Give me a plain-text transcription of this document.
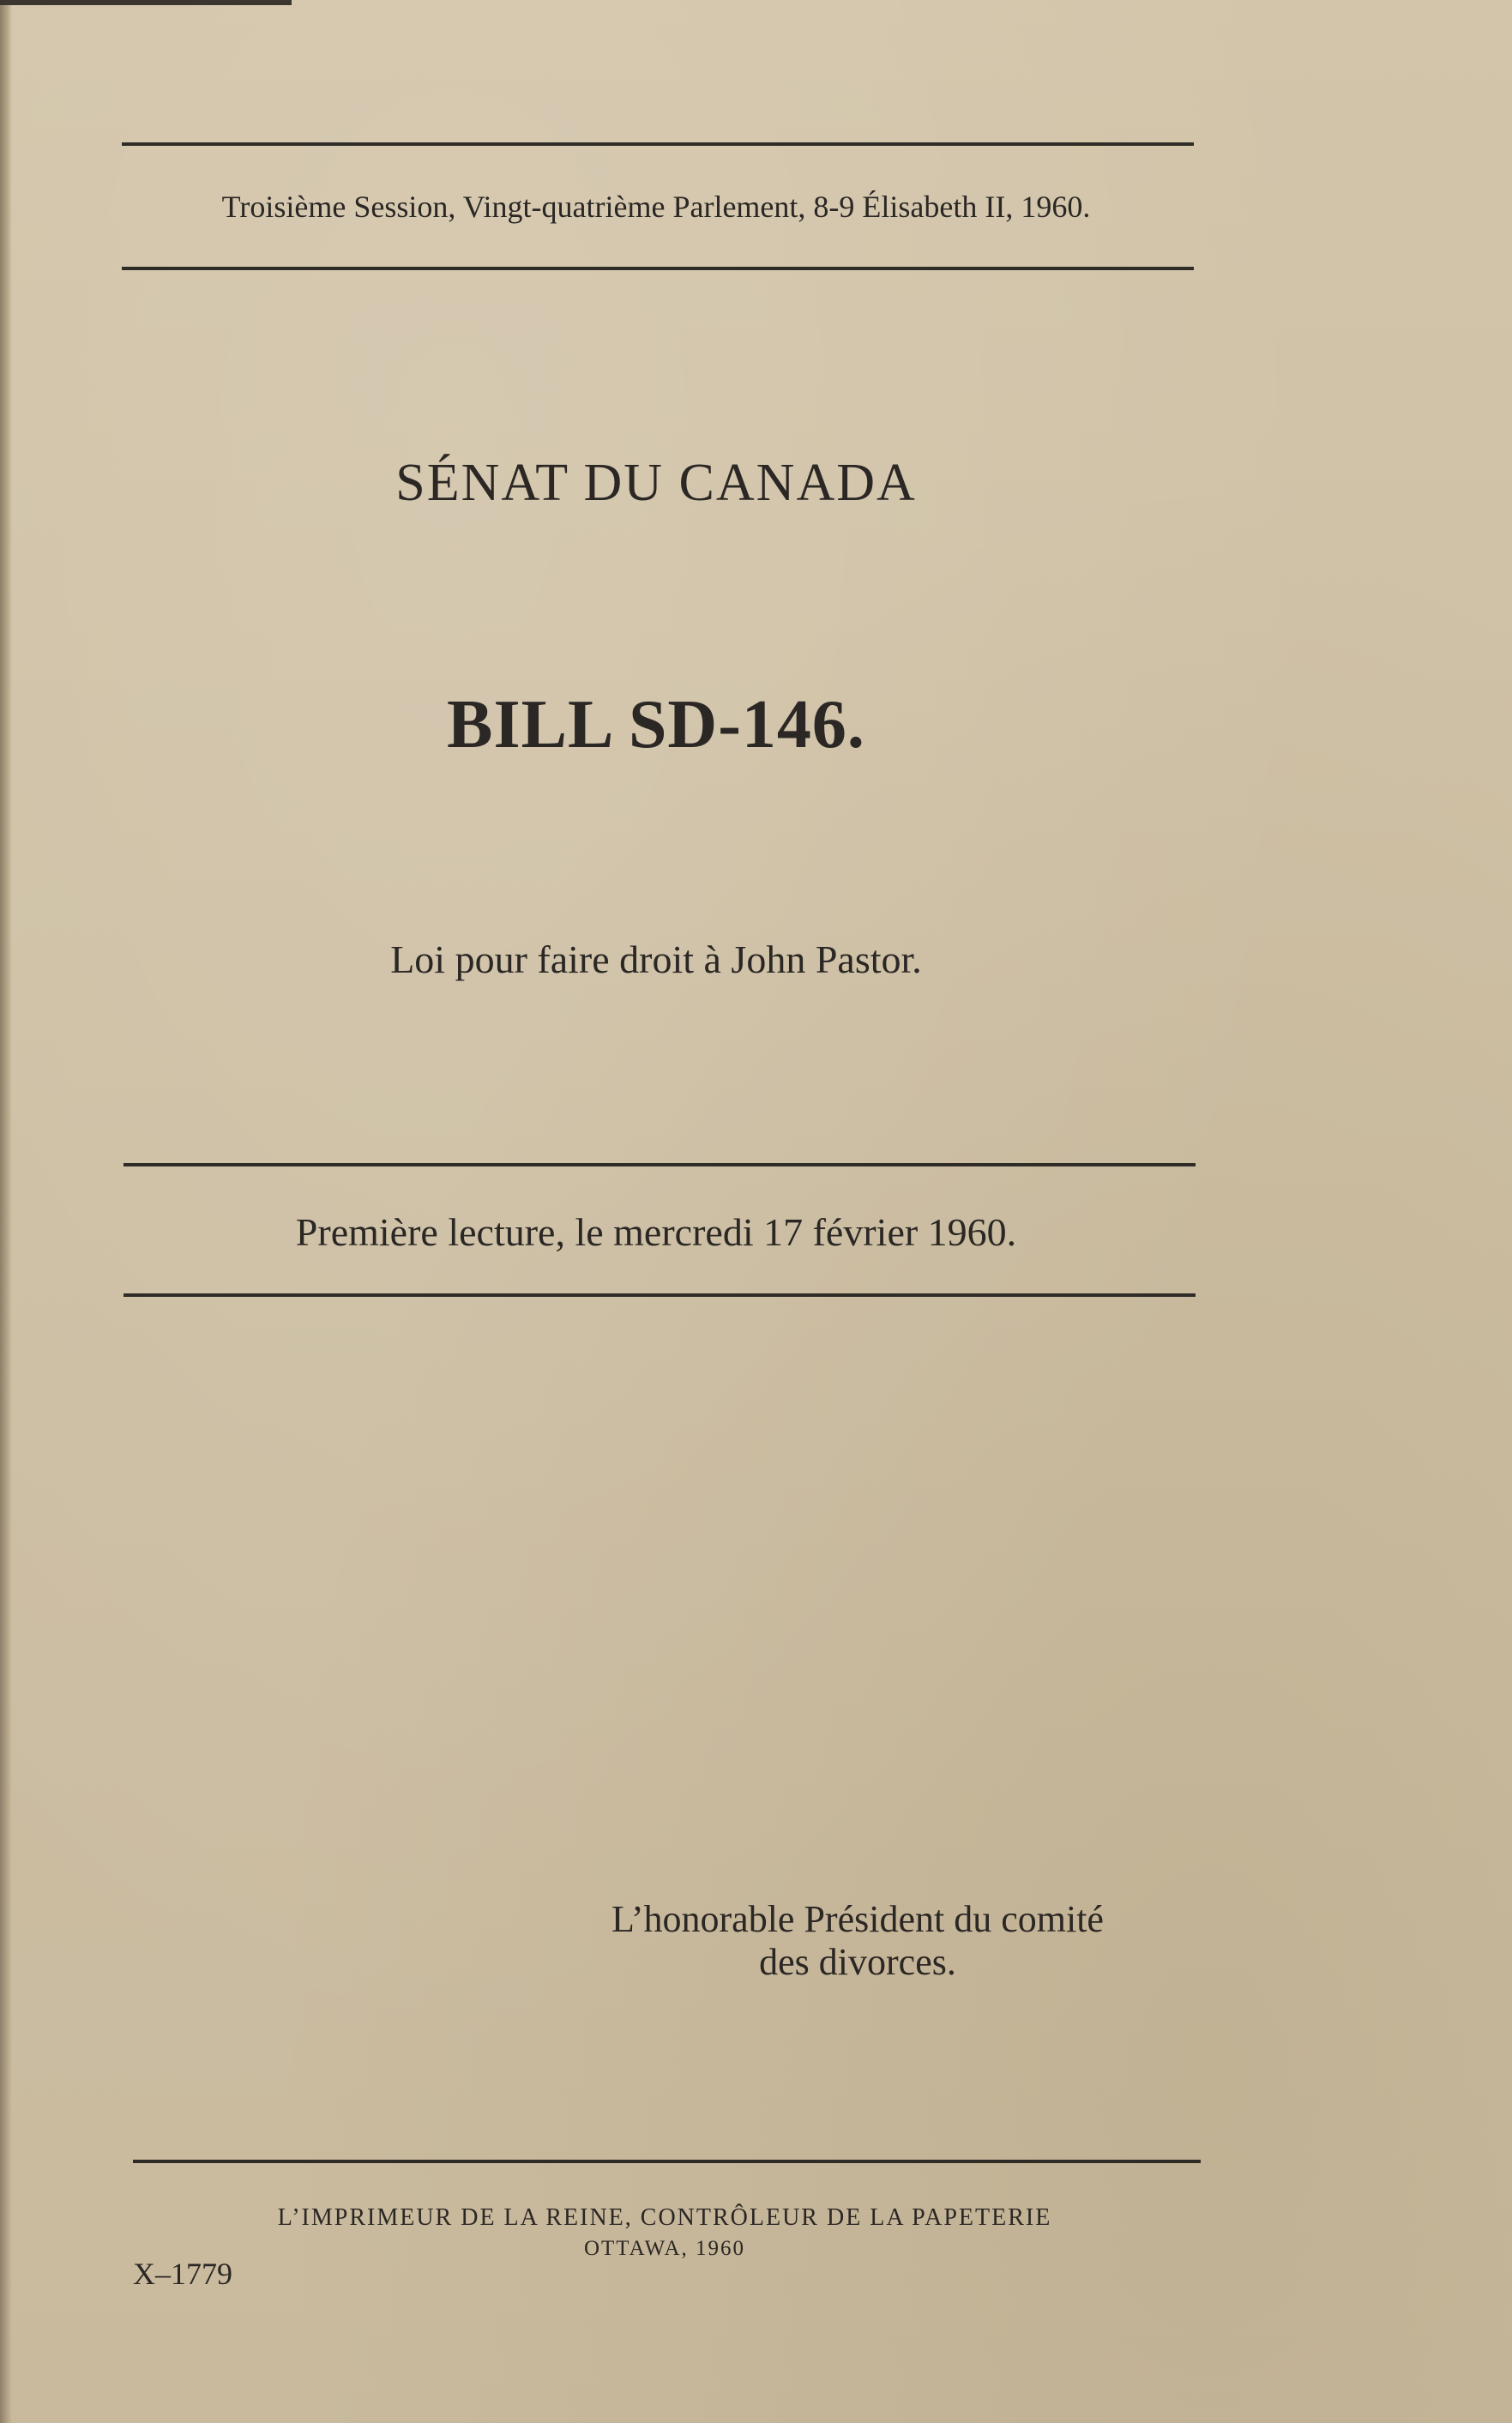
Troisième Session, Vingt-quatrième Parlement, 8-9 Élisabeth II, 1960.
SÉNAT DU CANADA
BILL SD-146.
Loi pour faire droit à John Pastor.
Première lecture, le mercredi 17 février 1960.
L’honorable Président du comité
des divorces.
L’IMPRIMEUR DE LA REINE, CONTRÔLEUR DE LA PAPETERIE
OTTAWA, 1960
X–1779
